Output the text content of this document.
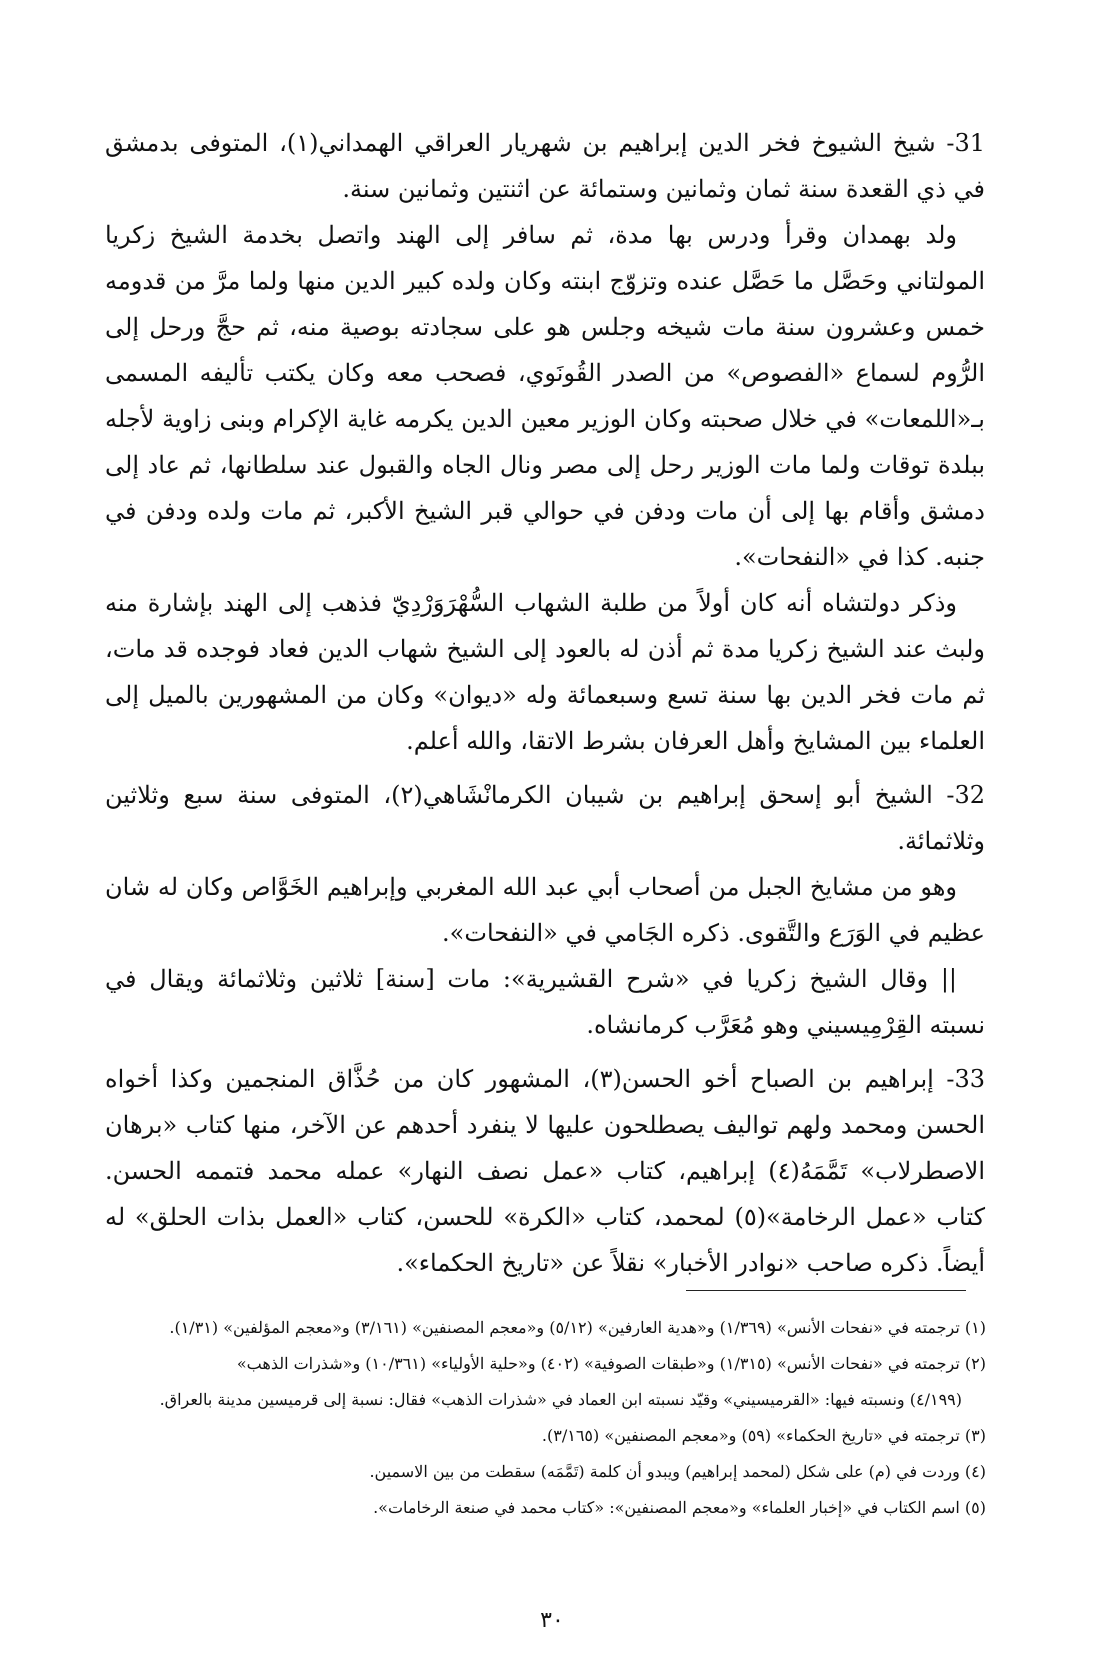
31- شيخ الشيوخ فخر الدين إبراهيم بن شهريار العراقي الهمداني(١)، المتوفى بدمشق في ذي القعدة سنة ثمان وثمانين وستمائة عن اثنتين وثمانين سنة.

ولد بهمدان وقرأ ودرس بها مدة، ثم سافر إلى الهند واتصل بخدمة الشيخ زكريا المولتاني وحَصَّل ما حَصَّل عنده وتزوّج ابنته وكان ولده كبير الدين منها ولما مرَّ من قدومه خمس وعشرون سنة مات شيخه وجلس هو على سجادته بوصية منه، ثم حجَّ ورحل إلى الرُّوم لسماع «الفصوص» من الصدر القُونَوي، فصحب معه وكان يكتب تأليفه المسمى بـ«اللمعات» في خلال صحبته وكان الوزير معين الدين يكرمه غاية الإكرام وبنى زاوية لأجله ببلدة توقات ولما مات الوزير رحل إلى مصر ونال الجاه والقبول عند سلطانها، ثم عاد إلى دمشق وأقام بها إلى أن مات ودفن في حوالي قبر الشيخ الأكبر، ثم مات ولده ودفن في جنبه. كذا في «النفحات».

وذكر دولتشاه أنه كان أولاً من طلبة الشهاب السُّهْرَوَرْدِيّ فذهب إلى الهند بإشارة منه ولبث عند الشيخ زكريا مدة ثم أذن له بالعود إلى الشيخ شهاب الدين فعاد فوجده قد مات، ثم مات فخر الدين بها سنة تسع وسبعمائة وله «ديوان» وكان من المشهورين بالميل إلى العلماء بين المشايخ وأهل العرفان بشرط الاتقا، والله أعلم.

32- الشيخ أبو إسحق إبراهيم بن شيبان الكرمانْشَاهي(٢)، المتوفى سنة سبع وثلاثين وثلاثمائة.

وهو من مشايخ الجبل من أصحاب أبي عبد الله المغربي وإبراهيم الخَوَّاص وكان له شان عظيم في الوَرَع والتَّقوى. ذكره الجَامي في «النفحات».

|| وقال الشيخ زكريا في «شرح القشيرية»: مات [سنة] ثلاثين وثلاثمائة ويقال في نسبته القِرْمِيسيني وهو مُعَرَّب كرمانشاه.

33- إبراهيم بن الصباح أخو الحسن(٣)، المشهور كان من حُذَّاق المنجمين وكذا أخواه الحسن ومحمد ولهم تواليف يصطلحون عليها لا ينفرد أحدهم عن الآخر، منها كتاب «برهان الاصطرلاب» تَمَّمَهُ(٤) إبراهيم، كتاب «عمل نصف النهار» عمله محمد فتممه الحسن. كتاب «عمل الرخامة»(٥) لمحمد، كتاب «الكرة» للحسن، كتاب «العمل بذات الحلق» له أيضاً. ذكره صاحب «نوادر الأخبار» نقلاً عن «تاريخ الحكماء».

(١) ترجمته في «نفحات الأنس» (١/٣٦٩) و«هدية العارفين» (٥/١٢) و«معجم المصنفين» (٣/١٦١) و«معجم المؤلفين» (١/٣١).

(٢) ترجمته في «نفحات الأنس» (١/٣١٥) و«طبقات الصوفية» (٤٠٢) و«حلية الأولياء» (١٠/٣٦١) و«شذرات الذهب»

(٤/١٩٩) ونسبته فيها: «القرميسيني» وقيّد نسبته ابن العماد في «شذرات الذهب» فقال: نسبة إلى قرميسين مدينة بالعراق.

(٣) ترجمته في «تاريخ الحكماء» (٥٩) و«معجم المصنفين» (٣/١٦٥).

(٤) وردت في (م) على شكل (لمحمد إبراهيم) ويبدو أن كلمة (تَمَّمَه) سقطت من بين الاسمين.

(٥) اسم الكتاب في «إخبار العلماء» و«معجم المصنفين»: «كتاب محمد في صنعة الرخامات».

٣٠
